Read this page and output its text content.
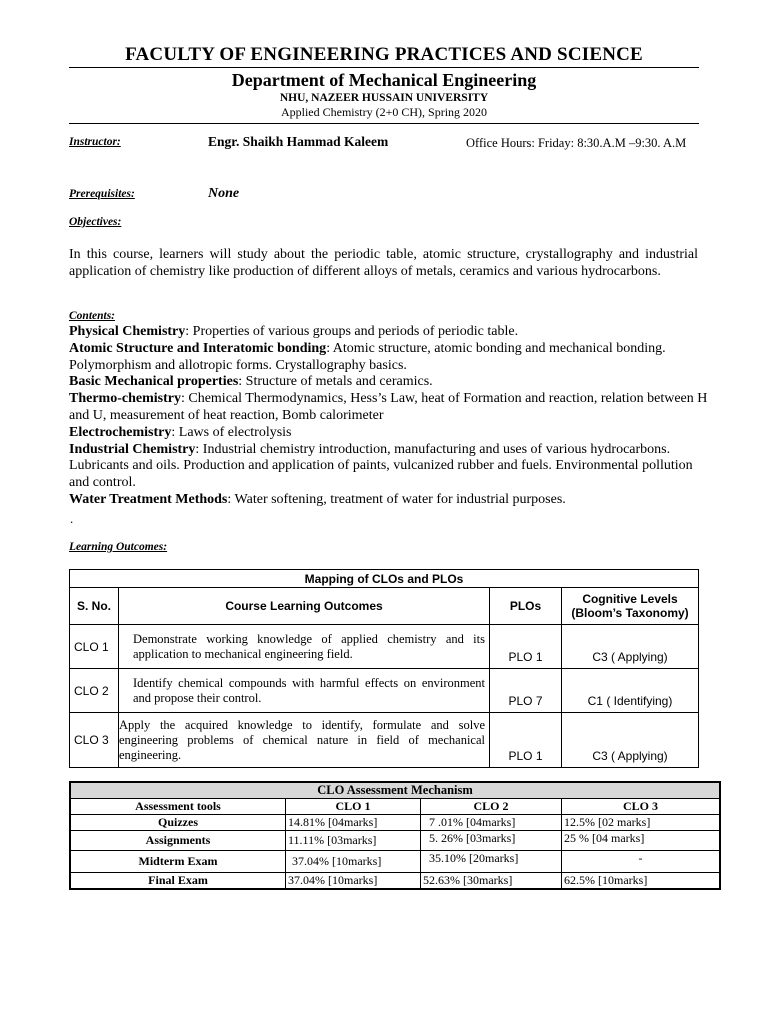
FACULTY OF ENGINEERING PRACTICES AND SCIENCE
Department of Mechanical Engineering
NHU, NAZEER HUSSAIN UNIVERSITY
Applied Chemistry (2+0 CH), Spring 2020
Instructor:	Engr. Shaikh Hammad Kaleem	Office Hours: Friday: 8:30.A.M –9:30. A.M
Prerequisites:	None
Objectives:
In this course, learners will study about the periodic table, atomic structure, crystallography and industrial application of chemistry like production of different alloys of metals, ceramics and various hydrocarbons.
Contents:
Physical Chemistry: Properties of various groups and periods of periodic table.
Atomic Structure and Interatomic bonding: Atomic structure, atomic bonding and mechanical bonding. Polymorphism and allotropic forms. Crystallography basics.
Basic Mechanical properties: Structure of metals and ceramics.
Thermo-chemistry: Chemical Thermodynamics, Hess’s Law, heat of Formation and reaction, relation between H and U, measurement of heat reaction, Bomb calorimeter
Electrochemistry: Laws of electrolysis
Industrial Chemistry: Industrial chemistry introduction, manufacturing and uses of various hydrocarbons. Lubricants and oils. Production and application of paints, vulcanized rubber and fuels. Environmental pollution and control.
Water Treatment Methods: Water softening, treatment of water for industrial purposes.
.
Learning Outcomes:
Mapping of CLOs and PLOs			
S. No.	Course Learning Outcomes	PLOs	Cognitive Levels (Bloom’s Taxonomy)
CLO 1	Demonstrate working knowledge of applied chemistry and its application to mechanical engineering field.	PLO 1	C3 ( Applying)
CLO 2	Identify chemical compounds with harmful effects on environment and propose their control.	PLO 7	C1 ( Identifying)
CLO 3	Apply the acquired knowledge to identify, formulate and solve engineering problems of chemical nature in field of mechanical engineering.	PLO 1	C3 ( Applying)
CLO Assessment Mechanism			
Assessment tools	CLO 1	CLO 2	CLO 3
Quizzes	14.81% [04marks]	7 .01% [04marks]	12.5% [02 marks]
Assignments	11.11% [03marks]	5. 26% [03marks]	25 % [04 marks]
Midterm Exam	37.04% [10marks]	35.10% [20marks]	-
Final Exam	37.04% [10marks]	52.63% [30marks]	62.5% [10marks]
